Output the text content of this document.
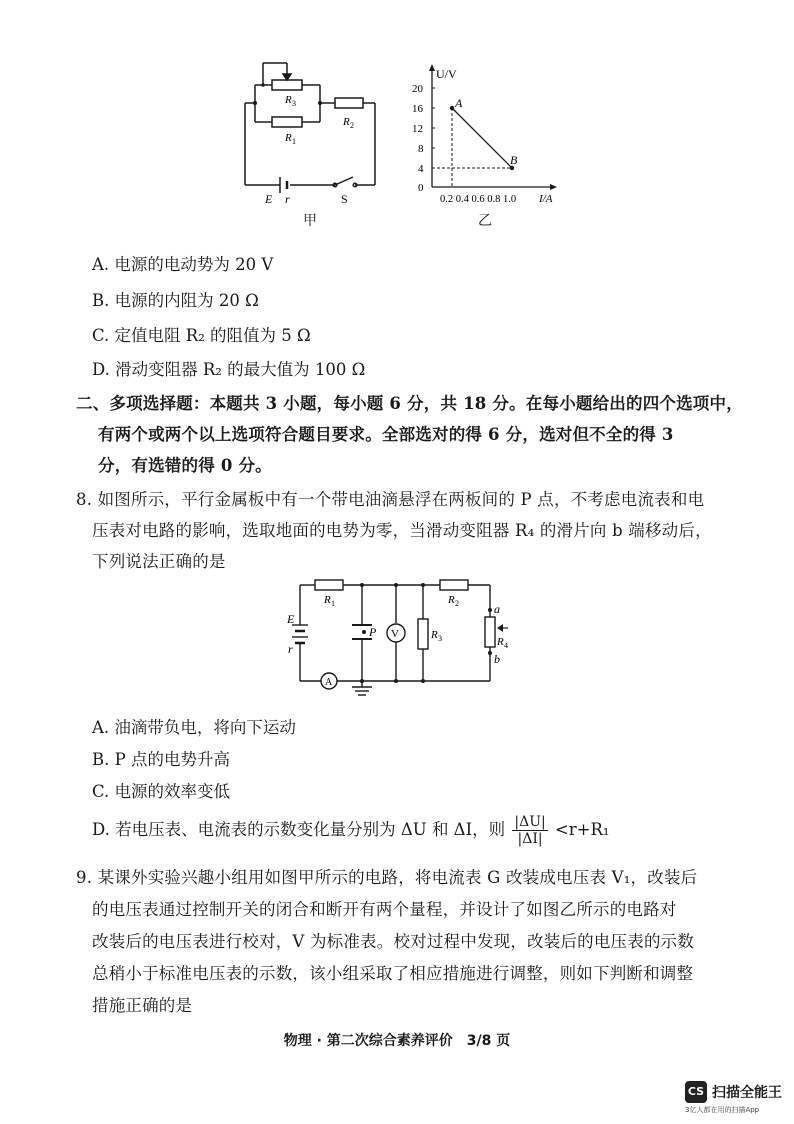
R 3
R 1
R 2
E r	S
甲
U/V
20
16
12
8
4
0
0.2 0.4 0.6 0.8 1.0 I/A
A
B
乙
A. 电源的电动势为 20 V
B. 电源的内阻为 20 Ω
C. 定值电阻 R₂ 的阻值为 5 Ω
D. 滑动变阻器 R₂ 的最大值为 100 Ω
二、多项选择题：本题共 3 小题，每小题 6 分，共 18 分。在每小题给出的四个选项中，
有两个或两个以上选项符合题目要求。全部选对的得 6 分，选对但不全的得 3
分，有选错的得 0 分。
8. 如图所示，平行金属板中有一个带电油滴悬浮在两板间的 P 点，不考虑电流表和电
压表对电路的影响，选取地面的电势为零，当滑动变阻器 R₄ 的滑片向 b 端移动后，
下列说法正确的是
R 1	R 2
R 3	R 4
E
r
P V
A
a
b
A. 油滴带负电，将向下运动
B. P 点的电势升高
C. 电源的效率变低
D. 若电压表、电流表的示数变化量分别为 ΔU 和 ΔI，则 $\frac{|\Delta U|}{|\Delta I|} <r+R_1$
9. 某课外实验兴趣小组用如图甲所示的电路，将电流表 G 改装成电压表 V₁，改装后
的电压表通过控制开关的闭合和断开有两个量程，并设计了如图乙所示的电路对
改装后的电压表进行校对，V 为标准表。校对过程中发现，改装后的电压表的示数
总稍小于标准电压表的示数，该小组采取了相应措施进行调整，则如下判断和调整
措施正确的是
物理 · 第二次综合素养评价　3/8 页
CS 扫描全能王
3亿人都在用的扫描App
